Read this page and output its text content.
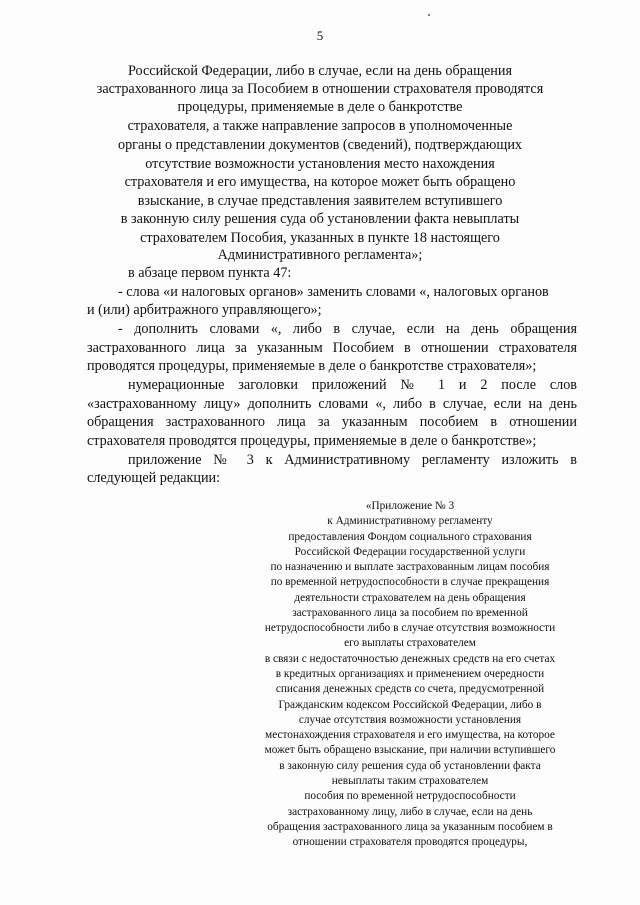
5
Российской Федерации, либо в случае, если на день обращения
застрахованного лица за Пособием в отношении страхователя проводятся
процедуры, применяемые в деле о банкротстве
страхователя, а также направление запросов в уполномоченные
органы о представлении документов (сведений), подтверждающих
отсутствие возможности установления место нахождения
страхователя и его имущества, на которое может быть обращено
взыскание, в случае представления заявителем вступившего
в законную силу решения суда об установлении факта невыплаты
страхователем Пособия, указанных в пункте 18 настоящего
Административного регламента»;
в абзаце первом пункта 47:
- слова «и налоговых органов» заменить словами «, налоговых органов
и (или) арбитражного управляющего»;
- дополнить словами «, либо в случае, если на день обращения
застрахованного лица за указанным Пособием в отношении страхователя
проводятся процедуры, применяемые в деле о банкротстве страхователя»;
нумерационные заголовки приложений № 1 и 2 после слов
«застрахованному лицу» дополнить словами «, либо в случае, если на день
обращения застрахованного лица за указанным пособием в отношении
страхователя проводятся процедуры, применяемые в деле о банкротстве»;
приложение № 3 к Административному регламенту изложить в
следующей редакции:
«Приложение № 3
к Административному регламенту
предоставления Фондом социального страхования
Российской Федерации государственной услуги
по назначению и выплате застрахованным лицам пособия
по временной нетрудоспособности в случае прекращения
деятельности страхователем на день обращения
застрахованного лица за пособием по временной
нетрудоспособности либо в случае отсутствия возможности
его выплаты страхователем
в связи с недостаточностью денежных средств на его счетах
в кредитных организациях и применением очередности
списания денежных средств со счета, предусмотренной
Гражданским кодексом Российской Федерации, либо в
случае отсутствия возможности установления
местонахождения страхователя и его имущества, на которое
может быть обращено взыскание, при наличии вступившего
в законную силу решения суда об установлении факта
невыплаты таким страхователем
пособия по временной нетрудоспособности
застрахованному лицу, либо в случае, если на день
обращения застрахованного лица за указанным пособием в
отношении страхователя проводятся процедуры,
